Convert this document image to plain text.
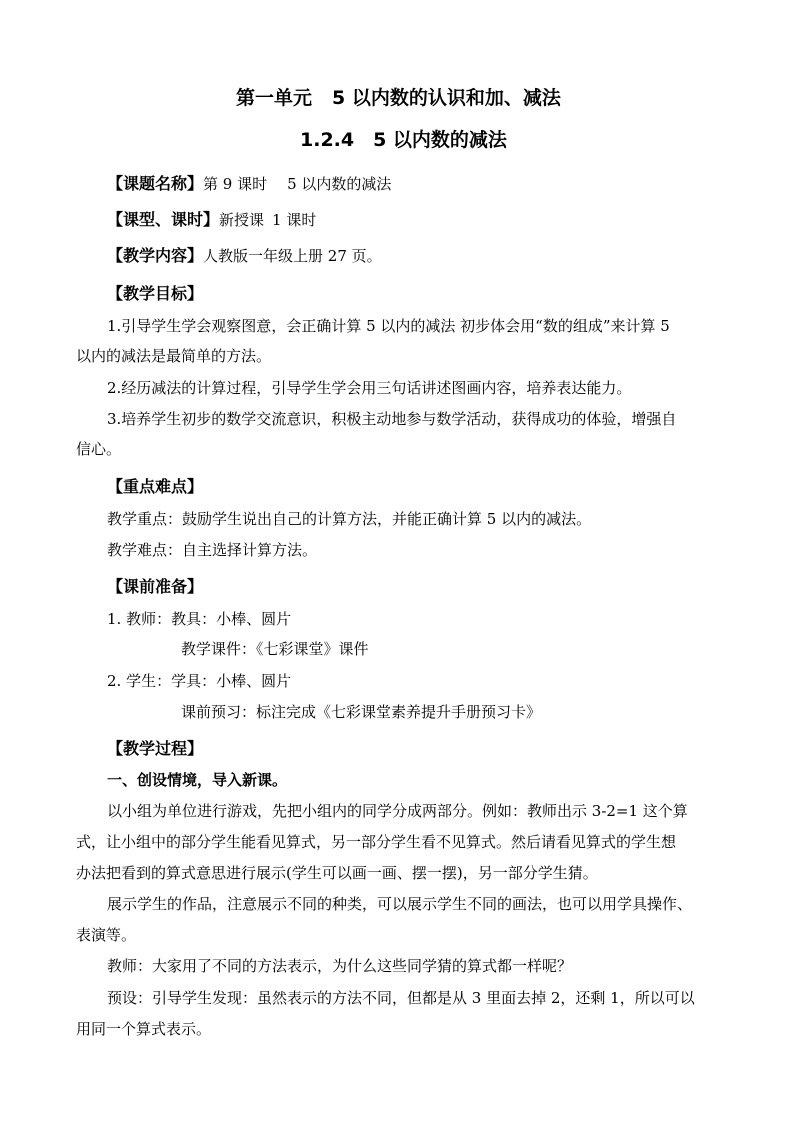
第一单元 5 以内数的认识和加、减法
1.2.4　5 以内数的减法
【课题名称】第 9 课时 5 以内数的减法
【课型、课时】新授课 1 课时
【教学内容】人教版一年级上册 27 页。
【教学目标】
1.引导学生学会观察图意，会正确计算 5 以内的减法 初步体会用“数的组成”来计算 5
以内的减法是最简单的方法。
2.经历减法的计算过程，引导学生学会用三句话讲述图画内容，培养表达能力。
3.培养学生初步的数学交流意识，积极主动地参与数学活动，获得成功的体验，增强自
信心。
【重点难点】
教学重点：鼓励学生说出自己的计算方法，并能正确计算 5 以内的减法。
教学难点：自主选择计算方法。
【课前准备】
1. 教师：教具：小棒、圆片
教学课件：《七彩课堂》课件
2. 学生：学具：小棒、圆片
课前预习：标注完成《七彩课堂素养提升手册预习卡》
【教学过程】
一、创设情境，导入新课。
以小组为单位进行游戏，先把小组内的同学分成两部分。例如：教师出示 3-2=1 这个算
式，让小组中的部分学生能看见算式，另一部分学生看不见算式。然后请看见算式的学生想
办法把看到的算式意思进行展示(学生可以画一画、摆一摆)，另一部分学生猜。
展示学生的作品，注意展示不同的种类，可以展示学生不同的画法，也可以用学具操作、
表演等。
教师：大家用了不同的方法表示，为什么这些同学猜的算式都一样呢？
预设：引导学生发现：虽然表示的方法不同，但都是从 3 里面去掉 2，还剩 1，所以可以
用同一个算式表示。
